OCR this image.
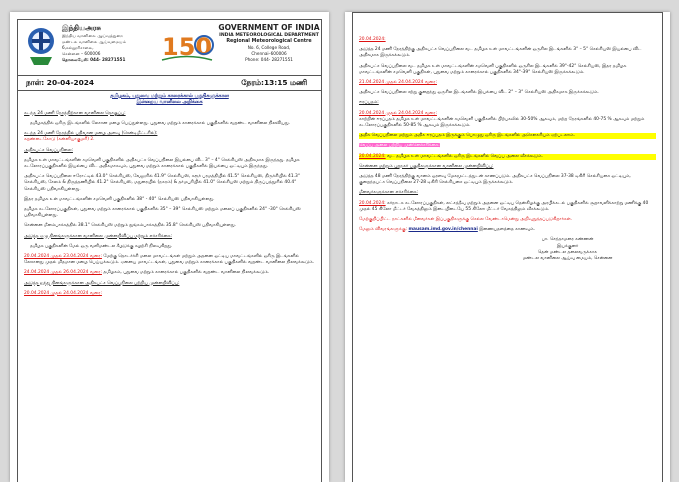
இந்தியஅரசு
இந்திய வானிலை ஆய்வுத்துறை
மண்டல வானிலை ஆய்வுமையம்
6,கல்லூரிசாலை,
சென்னை – 600006
தொலைபேசி: 044- 28271551	150
GOVERNMENT OF INDIA
INDIA METEOROLOGICAL DEPARTMENT
Regional Meteorological Centre
No. 6, College Road,
Chennai–600006
Phone: 044- 28271551
நாள்: 20-04-2024	நேரம்:13:15 மணி
தமிழகம், புதுவை மற்றும் காரைக்கால் பகுதிகளுக்கான
இன்றைய வானிலை அறிக்கை
கடந்த 24 மணி நேரத்திற்கான வானிலை தொகுப்பு:
தமிழகத்தில் ஒரிரு இடங்களில் லேசான மழை பெய்துள்ளது. புதுவை மற்றும் காரைக்கால் பகுதிகளில் வறண்ட வானிலை நிலவியது.
கடந்த 24 மணி நேரத்தில் பதிவான மழை அளவு (சென்டிமீட்டரில்):
சுறண்டைகோடு (கன்னியாகுமரி) 2.
அதிகபட்ச வெப்பநிலை:
தமிழக உள் மாவட்டங்களின் சமவெளி பகுதிகளில் அதிகபட்ச வெப்பநிலை இயல்பை விட 3° – 4° செல்சியஸ் அதிகமாக இருந்தது. தமிழக கடலோரப்பகுதிகளில் இயல்பை விட அதிகமாகவும், புதுவை மற்றும் காரைக்கால் பகுதிகளில் இயல்பை ஒட்டியும் இருந்தது.
அதிகபட்ச வெப்பநிலை ஈரோட்டில் 43.0° செல்சியஸ், வேலூரில் 41.9° செல்சியஸ், கரூர் பரமத்தியில் 41.5° செல்சியஸ், திருச்சியில் 41.3° செல்சியஸ், சேலம் & திருத்தணியில் 41.2° செல்சியஸ், மதுரையில் (நகரம்) & தர்மபுரியில் 41.0° செல்சியஸ் மற்றும் திருப்பத்தூரில் 40.4° செல்சியஸ் பதிவாகியுள்ளது.
இதர தமிழக உள் மாவட்டங்களின் சமவெளி பகுதிகளில் 38° - 40° செல்சியஸ் பதிவாகியுள்ளது.
தமிழக கடலோரப்பகுதிகள், புதுவை மற்றும் காரைக்கால் பகுதிகளில் 35° – 39° செல்சியஸ் மற்றும் மலைப் பகுதிகளில் 24° -30° செல்சியஸ் பதிவாகியுள்ளது.
சென்னை மீனம்பாக்கத்தில் 38.1° செல்சியஸ் மற்றும் நுங்கம்பாக்கத்தில் 35.8° செல்சியஸ் பதிவாகியுள்ளது.
அடுத்த ஏழு தினங்களுக்கான வானிலை முன்னறிவிப்பு மற்றும் எச்சரிக்கை:
தமிழக பகுதிகளின் மேல் ஒரு வளிமண்டல கீழடுக்கு சுழற்சி நிலவுகிறது.
20.04.2024 முதல் 23.04.2024 வரை: மேற்கு தொடர்ச்சி மலை மாவட்டங்கள் மற்றும் அதனை ஒட்டிய மாவட்டங்களில் ஒரிரு இடங்களில் லேசானது முதல் மிதமான மழை பெய்யக்கூடும். ஏனைய மாவட்டங்கள், புதுவை மற்றும் காரைக்கால் பகுதிகளில் வறண்ட வானிலை நிலவக்கூடும்.
24.04.2024 முதல் 26.04.2024 வரை: தமிழகம், புதுவை மற்றும் காரைக்கால் பகுதிகளில் வறண்ட வானிலை நிலவக்கூடும்.
அடுத்த ஐந்து தினங்களுக்கான அதிகபட்ச வெப்பநிலை பற்றிய முன்னறிவிப்பு:
20.04.2024 முதல் 24.04.2024 வரை:
20.04.2024:
அடுத்த 24 மணி நேரத்திற்கு அதிகபட்ச வெப்பநிலை வட தமிழக உள் மாவட்டங்களின் ஒருசில இடங்களில் 3° – 5° செல்சியஸ் இயல்பை விட அதிகமாக இருக்கக்கூடும்.
அதிகபட்ச வெப்பநிலை வட தமிழக உள் மாவட்டங்களின் சமவெளி பகுதிகளில் ஒருசில இடங்களில் 39°-42° செல்சியஸ், இதர தமிழக மாவட்டங்களின் சமவெளி பகுதிகள், புதுவை மற்றும் காரைக்கால் பகுதிகளில் 34°-39° செல்சியஸ் இருக்கக்கூடும்.
21.04.2024 முதல் 24.04.2024 வரை:
அதிகபட்ச வெப்பநிலை சற்று குறைந்து ஒருசில இடங்களில் இயல்பை விட 2° – 3° செல்சியஸ் அதிகமாக இருக்கக்கூடும்.
ஈரப்பதம்:
20.04.2024 முதல் 24.04.2024 வரை:
காற்றின் ஈரப்பதம் தமிழக உள் மாவட்டங்களின் சமவெளி பகுதிகளில் பிற்பகலில் 30-50% ஆகவும், மற்ற நேரங்களில் 40-75 % ஆகவும் மற்றும் கடலோரப்பகுதிகளில் 50-85 % ஆகவும் இருக்கக்கூடும்.
அதிக வெப்பநிலை மற்றும் அதிக ஈரப்பதம் இருக்கும் பொழுது ஒரிரு இடங்களில் அசௌகரியம் ஏற்படலாம்.
வெப்ப அலை பற்றிய முன்னெச்சரிக்கை:
20.04.2024: வட தமிழக உள் மாவட்டங்களில் ஒரிரு இடங்களில் வெப்ப அலை வீசக்கூடும்.
சென்னை மற்றும் புறநகர் பகுதிகளுக்கான வானிலை முன்னறிவிப்பு:
அடுத்த 48 மணி நேரத்திற்கு வானம் ஓரளவு மேகமூட்டத்துடன் காணப்படும். அதிகபட்ச வெப்பநிலை 37-38 டிகிரி செல்சியசை ஒட்டியும், குறைந்தபட்ச வெப்பநிலை 27-28 டிகிரி செல்சியசை ஒட்டியும் இருக்கக்கூடும்.
மீனவர்களுக்கான எச்சரிக்கை:
20.04.2024: கர்நாடக கடலோரப்பகுதிகள், லட்சத்தீவு மற்றும் அதனை ஒட்டிய தென்கிழக்கு அரபிக்கடல் பகுதிகளில் சூறாவளிக்காற்று மணிக்கு 40 முதல் 45 கிலோ மீட்டர் வேகத்திலும் இடையிடையே 55 கிலோ மீட்டர் வேகத்திலும் வீசக்கூடும்.
மேற்குறிப்பிட்ட நாட்களில் மீனவர்கள் இப்பகுதிகளுக்கு செல்ல வேண்டாமென்று அறிவுறுத்தப்படுகிறார்கள்.
மேலும் விவரங்களுக்கு: mausam.imd.gov.in/chennai இணையதளத்தை காணவும்.
பா. செந்தாமரை கண்ணன்
இயக்குனர்
தென் மண்டல தலைவருக்காக
மண்டல வானிலை ஆய்வு மையம், சென்னை
